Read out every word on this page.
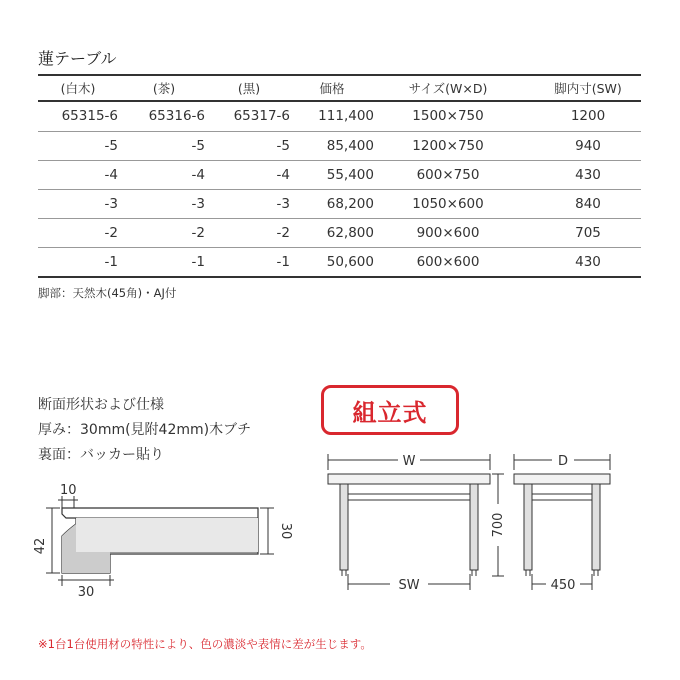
蓮テーブル
(白木)	(茶)	(黒)	価格	サイズ(W×D)	脚内寸(SW)
65315-6	65316-6	65317-6	111,400	1500×750	1200
-5	-5	-5	85,400	1200×750	940
-4	-4	-4	55,400	600×750	430
-3	-3	-3	68,200	1050×600	840
-2	-2	-2	62,800	900×600	705
-1	-1	-1	50,600	600×600	430
脚部：天然木(45角)・AJ付
断面形状および仕様
厚み：30mm(見附42mm)木ブチ
裏面：バッカー貼り
組立式
10
42
30
30
W
SW
700
D
450
※1台1台使用材の特性により、色の濃淡や表情に差が生じます。
